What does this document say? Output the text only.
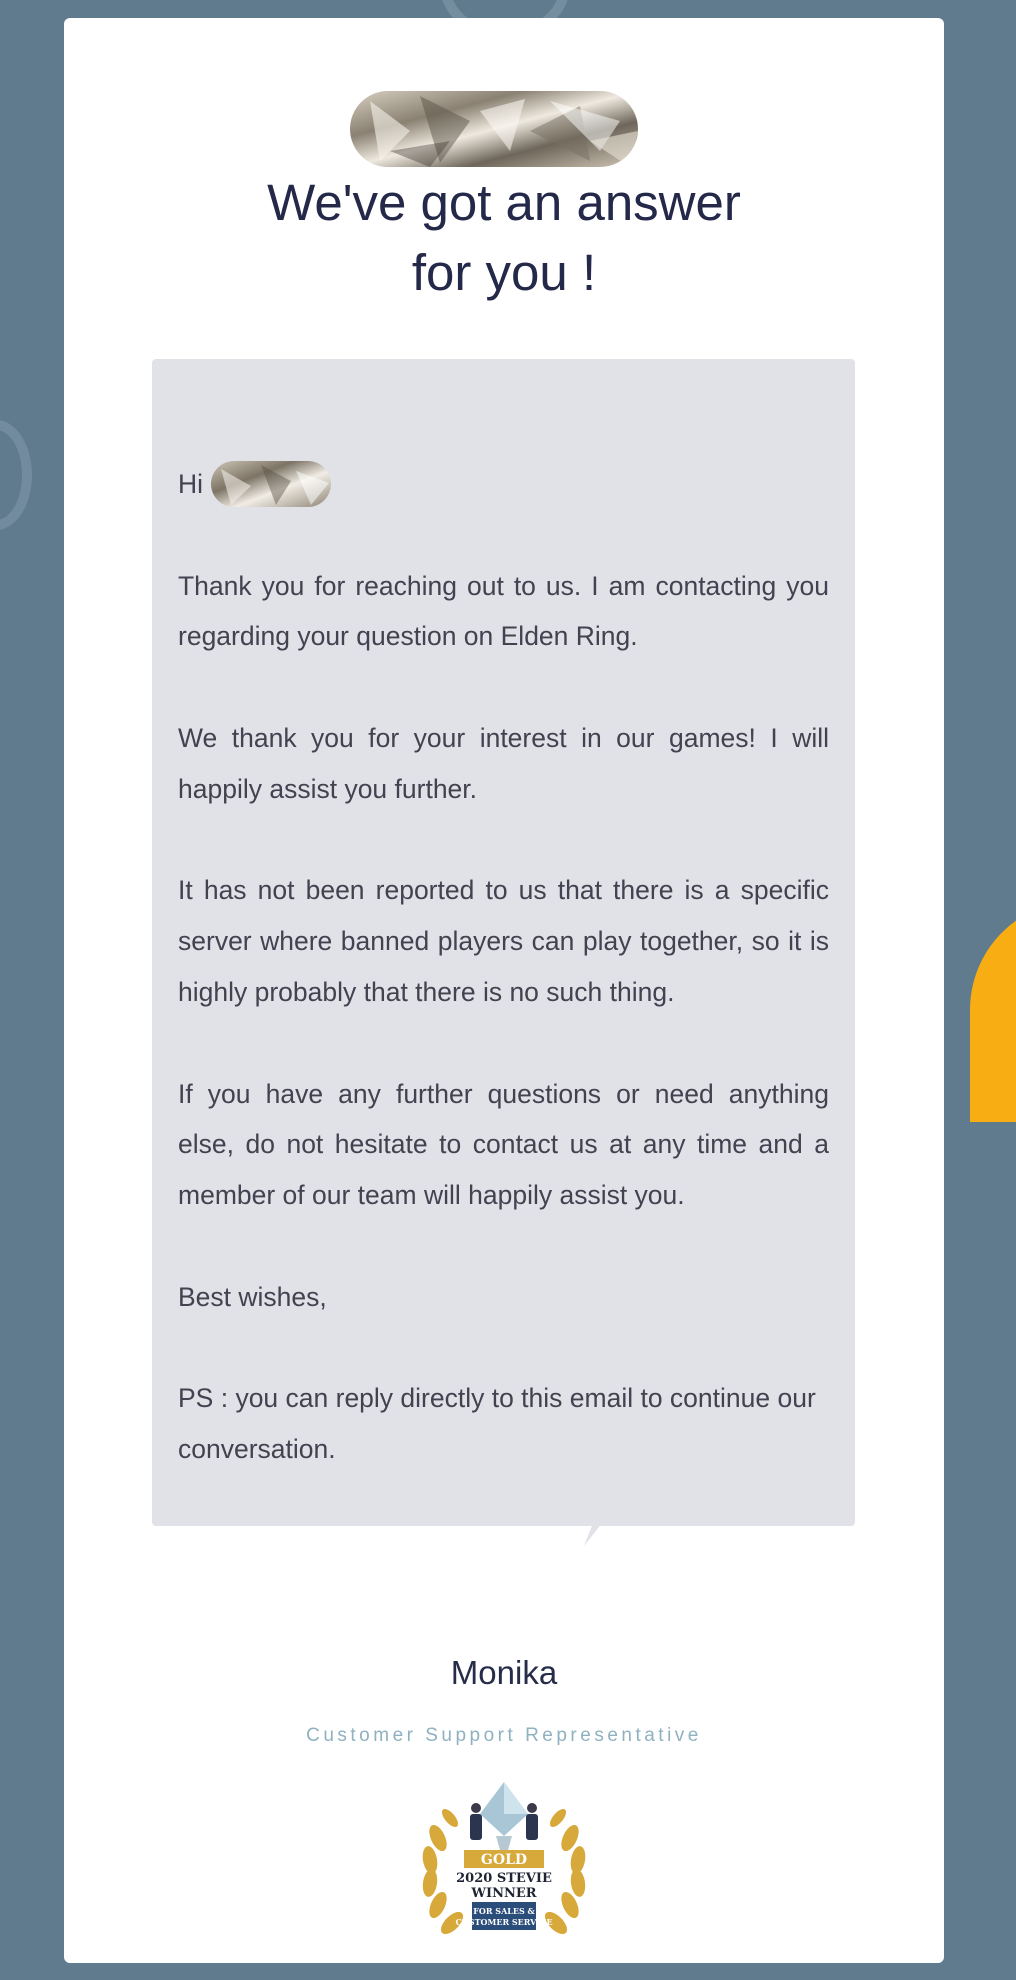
We've got an answer
for you !
Hi

Thank you for reaching out to us. I am contacting you regarding your question on Elden Ring.

We thank you for your interest in our games! I will happily assist you further.

It has not been reported to us that there is a specific server where banned players can play together, so it is highly probably that there is no such thing.

If you have any further questions or need anything else, do not hesitate to contact us at any time and a member of our team will happily assist you.

Best wishes,

PS : you can reply directly to this email to continue our conversation.

Monika
Customer Support Representative
GOLD
2020 STEVIE
WINNER
FOR SALES &
CUSTOMER SERVICE
